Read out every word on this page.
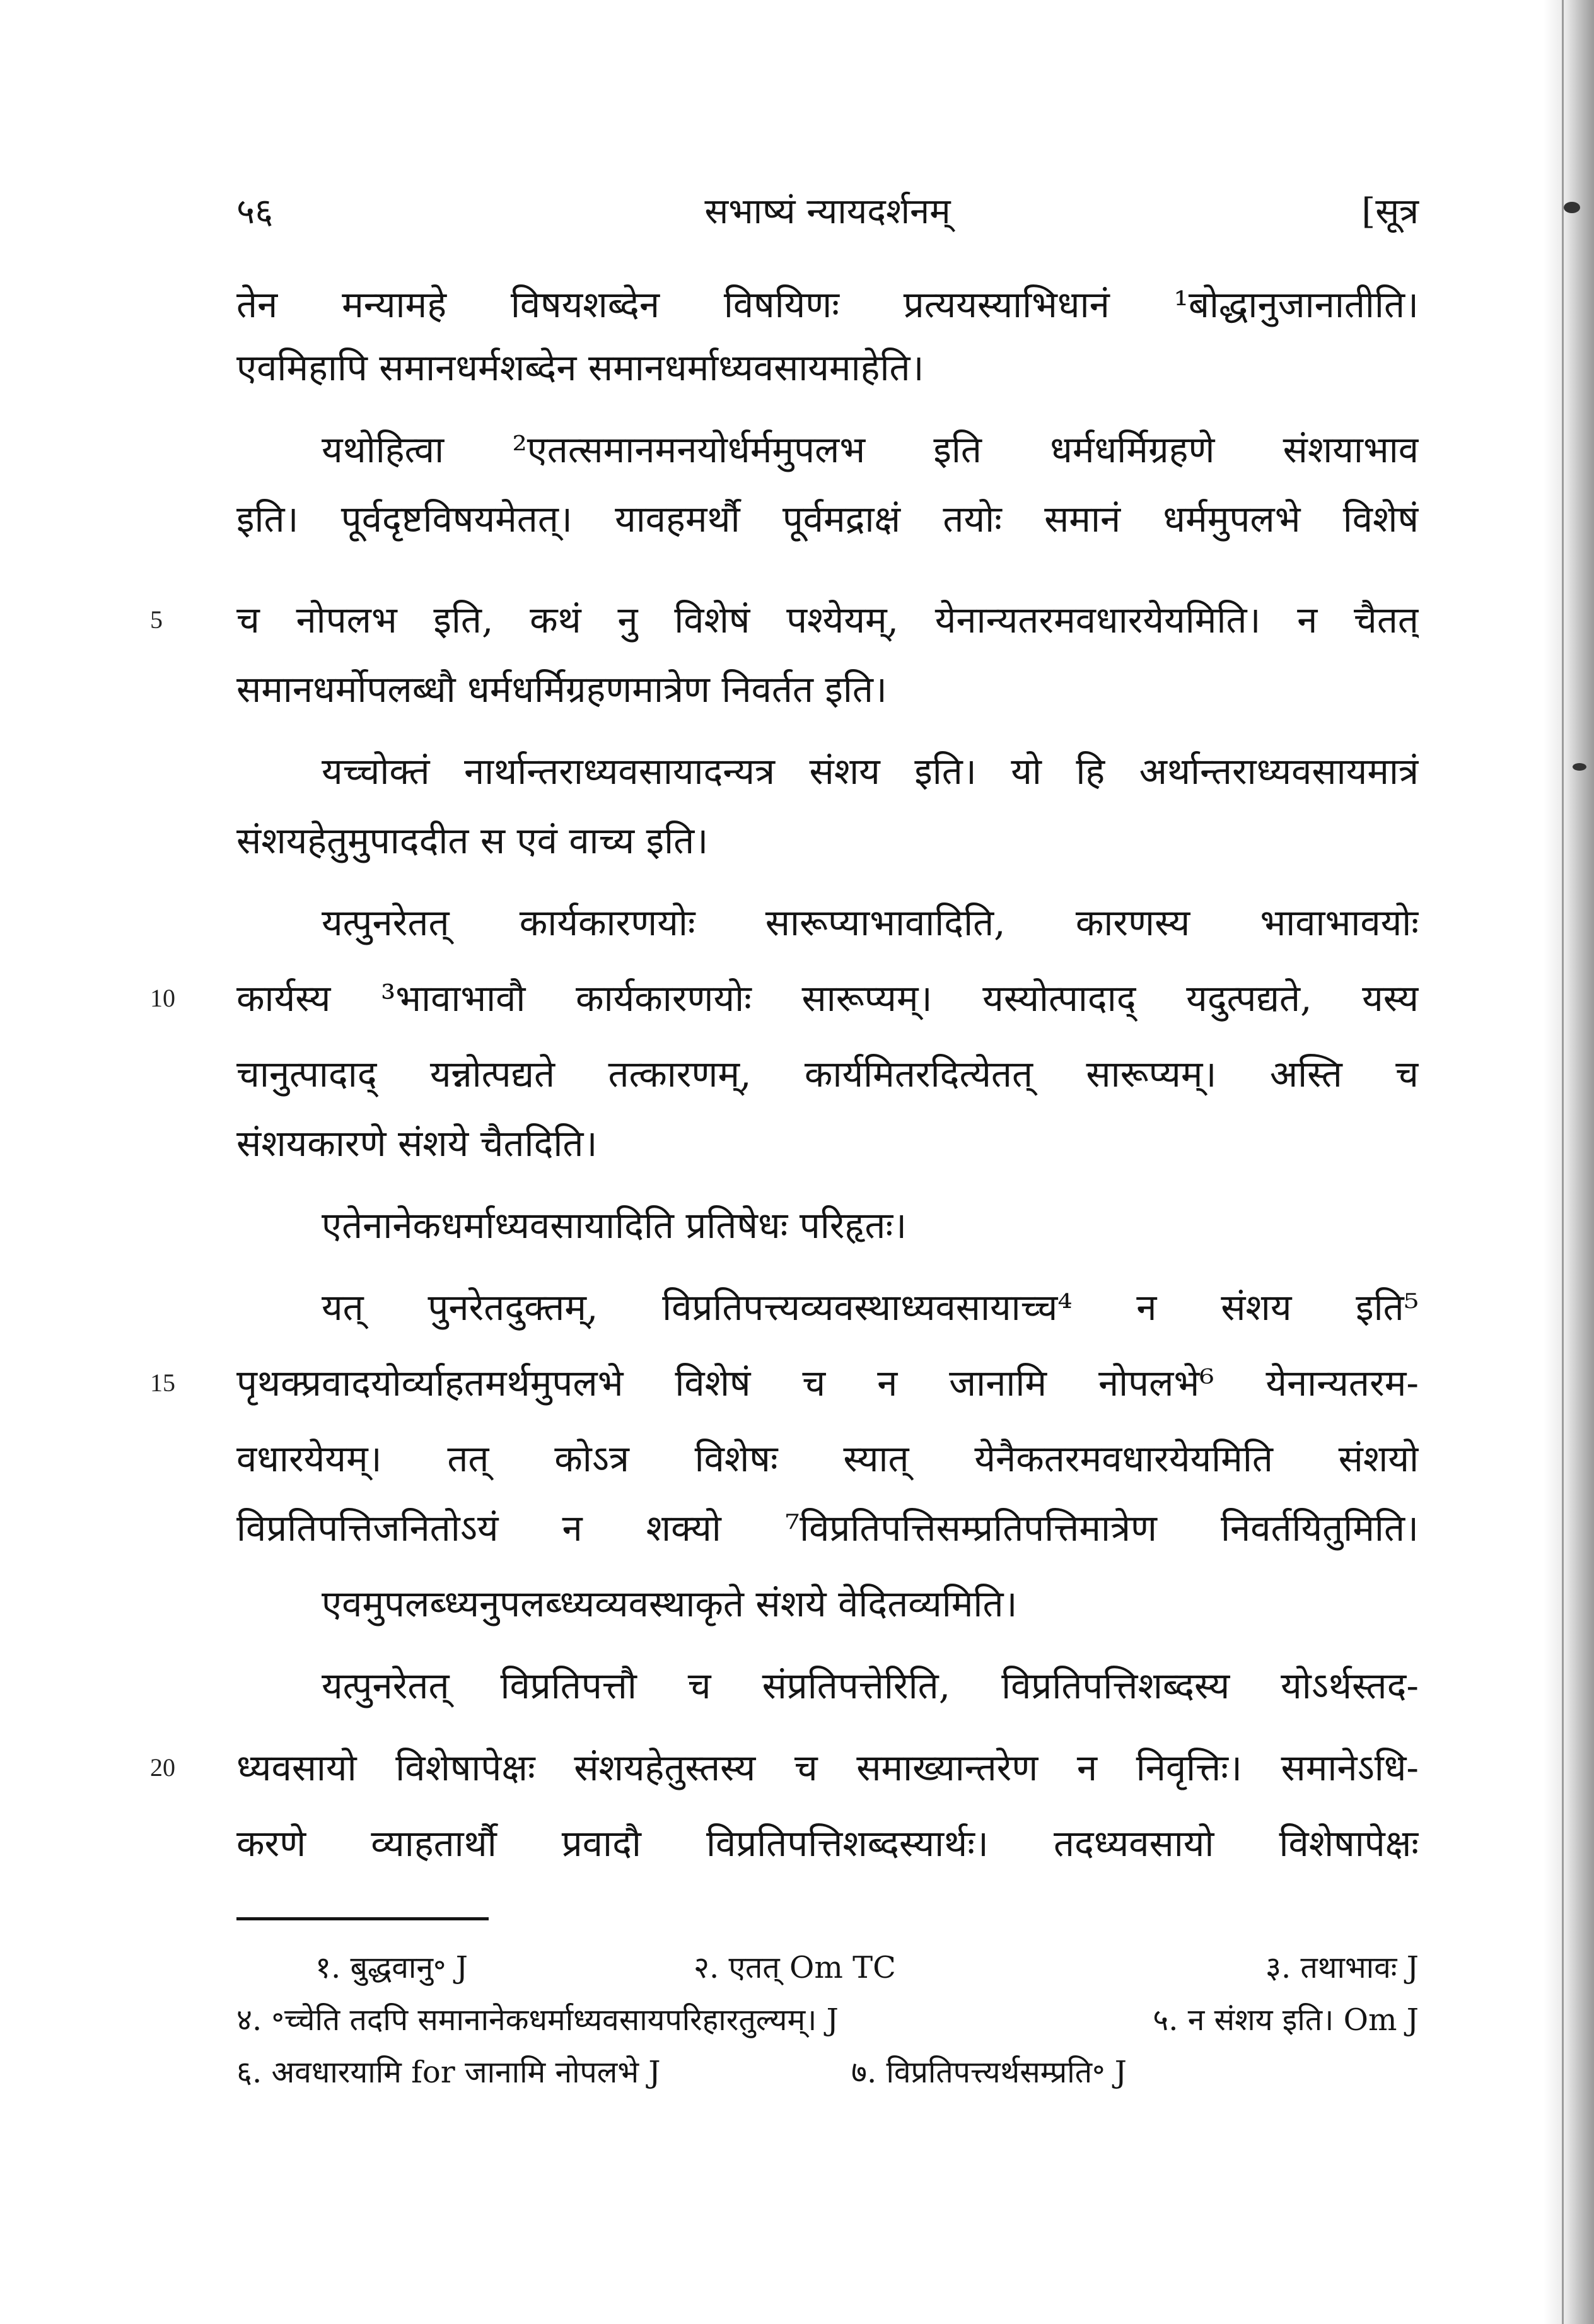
५६	सभाष्यं न्यायदर्शनम्	[सूत्र
तेन मन्यामहे विषयशब्देन विषयिणः प्रत्ययस्याभिधानं ¹बोद्धानुजानातीति।
एवमिहापि समानधर्मशब्देन समानधर्माध्यवसायमाहेति।
यथोहित्वा ²एतत्समानमनयोर्धर्ममुपलभ इति धर्मधर्मिग्रहणे संशयाभाव
इति। पूर्वदृष्टविषयमेतत्। यावहमर्थौ पूर्वमद्राक्षं तयोः समानं धर्ममुपलभे विशेषं
5	च नोपलभ इति, कथं नु विशेषं पश्येयम्, येनान्यतरमवधारयेयमिति। न चैतत्
समानधर्मोपलब्धौ धर्मधर्मिग्रहणमात्रेण निवर्तत इति।
यच्चोक्तं नार्थान्तराध्यवसायादन्यत्र संशय इति। यो हि अर्थान्तराध्यवसायमात्रं
संशयहेतुमुपाददीत स एवं वाच्य इति।
यत्पुनरेतत् कार्यकारणयोः सारूप्याभावादिति, कारणस्य भावाभावयोः
10	कार्यस्य ³भावाभावौ कार्यकारणयोः सारूप्यम्। यस्योत्पादाद् यदुत्पद्यते, यस्य
चानुत्पादाद् यन्नोत्पद्यते तत्कारणम्, कार्यमितरदित्येतत् सारूप्यम्। अस्ति च
संशयकारणे संशये चैतदिति।
एतेनानेकधर्माध्यवसायादिति प्रतिषेधः परिहृतः।
यत् पुनरेतदुक्तम्, विप्रतिपत्त्यव्यवस्थाध्यवसायाच्च⁴ न संशय इति⁵
15	पृथक्प्रवादयोर्व्याहतमर्थमुपलभे विशेषं च न जानामि नोपलभे⁶ येनान्यतरम-
वधारयेयम्। तत् कोऽत्र विशेषः स्यात् येनैकतरमवधारयेयमिति संशयो
विप्रतिपत्तिजनितोऽयं न शक्यो ⁷विप्रतिपत्तिसम्प्रतिपत्तिमात्रेण निवर्तयितुमिति।
एवमुपलब्ध्यनुपलब्ध्यव्यवस्थाकृते संशये वेदितव्यमिति।
यत्पुनरेतत् विप्रतिपत्तौ च संप्रतिपत्तेरिति, विप्रतिपत्तिशब्दस्य योऽर्थस्तद-
20	ध्यवसायो विशेषापेक्षः संशयहेतुस्तस्य च समाख्यान्तरेण न निवृत्तिः। समानेऽधि-
करणे व्याहतार्थौ प्रवादौ विप्रतिपत्तिशब्दस्यार्थः। तदध्यवसायो विशेषापेक्षः
१. बुद्धवानु॰ J	२. एतत् Om TC	३. तथाभावः J
४. ॰च्चेति तदपि समानानेकधर्माध्यवसायपरिहारतुल्यम्। J	५. न संशय इति। Om J
६. अवधारयामि for जानामि नोपलभे J	७. विप्रतिपत्त्यर्थसम्प्रति॰ J
